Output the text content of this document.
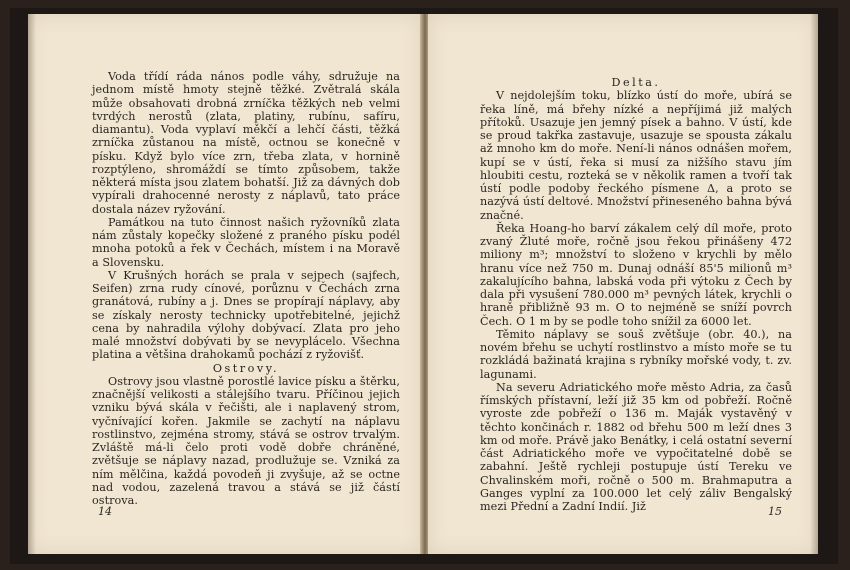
Voda třídí ráda nános podle váhy, sdružuje na jednom místě hmoty stejně těžké. Zvětralá skála může obsahovati drobná zrníčka těžkých neb velmi tvrdých nerostů (zlata, platiny, rubínu, safíru, diamantu). Voda vyplaví měkčí a lehčí části, těžká zrníčka zůstanou na místě, octnou se konečně v písku. Když bylo více zrn, třeba zlata, v hornině rozptýleno, shromáždí se tímto způsobem, takže některá místa jsou zlatem bohatší. Již za dávných dob vypírali drahocenné nerosty z náplavů, tato práce dostala název ryžování.

Památkou na tuto činnost našich ryžovníků zlata nám zůstaly kopečky složené z praného písku podél mnoha potoků a řek v Čechách, místem i na Moravě a Slovensku.

V Krušných horách se prala v sejpech (sajfech, Seifen) zrna rudy cínové, porůznu v Čechách zrna granátová, rubíny a j. Dnes se propírají náplavy, aby se získaly nerosty technicky upotřebitelné, jejichž cena by nahradila výlohy dobývací. Zlata pro jeho malé množství dobývati by se nevyplácelo. Všechna platina a většina drahokamů pochází z ryžovišť.

Ostrovy.

Ostrovy jsou vlastně porostlé lavice písku a štěrku, značnější velikosti a stálejšího tvaru. Příčinou jejich vzniku bývá skála v řečišti, ale i naplavený strom, vyčnívající kořen. Jakmile se zachytí na náplavu rostlinstvo, zejména stromy, stává se ostrov trvalým. Zvláště má-li čelo proti vodě dobře chráněné, zvětšuje se náplavy nazad, prodlužuje se. Vzniká za ním mělčina, každá povodeň ji zvyšuje, až se octne nad vodou, zazelená travou a stává se již částí ostrova.

14

Delta.

V nejdolejším toku, blízko ústí do moře, ubírá se řeka líně, má břehy nízké a nepříjimá již malých přítoků. Usazuje jen jemný písek a bahno. V ústí, kde se proud takřka zastavuje, usazuje se spousta zákalu až mnoho km do moře. Není-li nános odnášen mořem, kupí se v ústí, řeka si musí za nižšího stavu jím hloubiti cestu, rozteká se v několik ramen a tvoří tak ústí podle podoby řeckého písmene Δ, a proto se nazývá ústí deltové. Množství přineseného bahna bývá značné.

Řeka Hoang-ho barví zákalem celý díl moře, proto zvaný Žluté moře, ročně jsou řekou přinášeny 472 miliony m³; množství to složeno v krychli by mělo hranu více než 750 m. Dunaj odnáší 85'5 milionů m³ zakalujícího bahna, labská voda při výtoku z Čech by dala při vysušení 780.000 m³ pevných látek, krychli o hraně přibližně 93 m. O to nejméně se sníží povrch Čech. O 1 m by se podle toho snížil za 6000 let.

Těmito náplavy se souš zvětšuje (obr. 40.), na novém břehu se uchytí rostlinstvo a místo moře se tu rozkládá bažinatá krajina s rybníky mořské vody, t. zv. lagunami.

Na severu Adriatického moře město Adria, za časů římských přístavní, leží již 35 km od pobřeží. Ročně vyroste zde pobřeží o 136 m. Maják vystavěný v těchto končinách r. 1882 od břehu 500 m leží dnes 3 km od moře. Právě jako Benátky, i celá ostatní severní část Adriatického moře ve vypočitatelné době se zabahní. Ještě rychleji postupuje ústí Tereku ve Chvalinském moři, ročně o 500 m. Brahmaputra a Ganges vyplní za 100.000 let celý záliv Bengalský mezi Přední a Zadní Indií. Již	15
